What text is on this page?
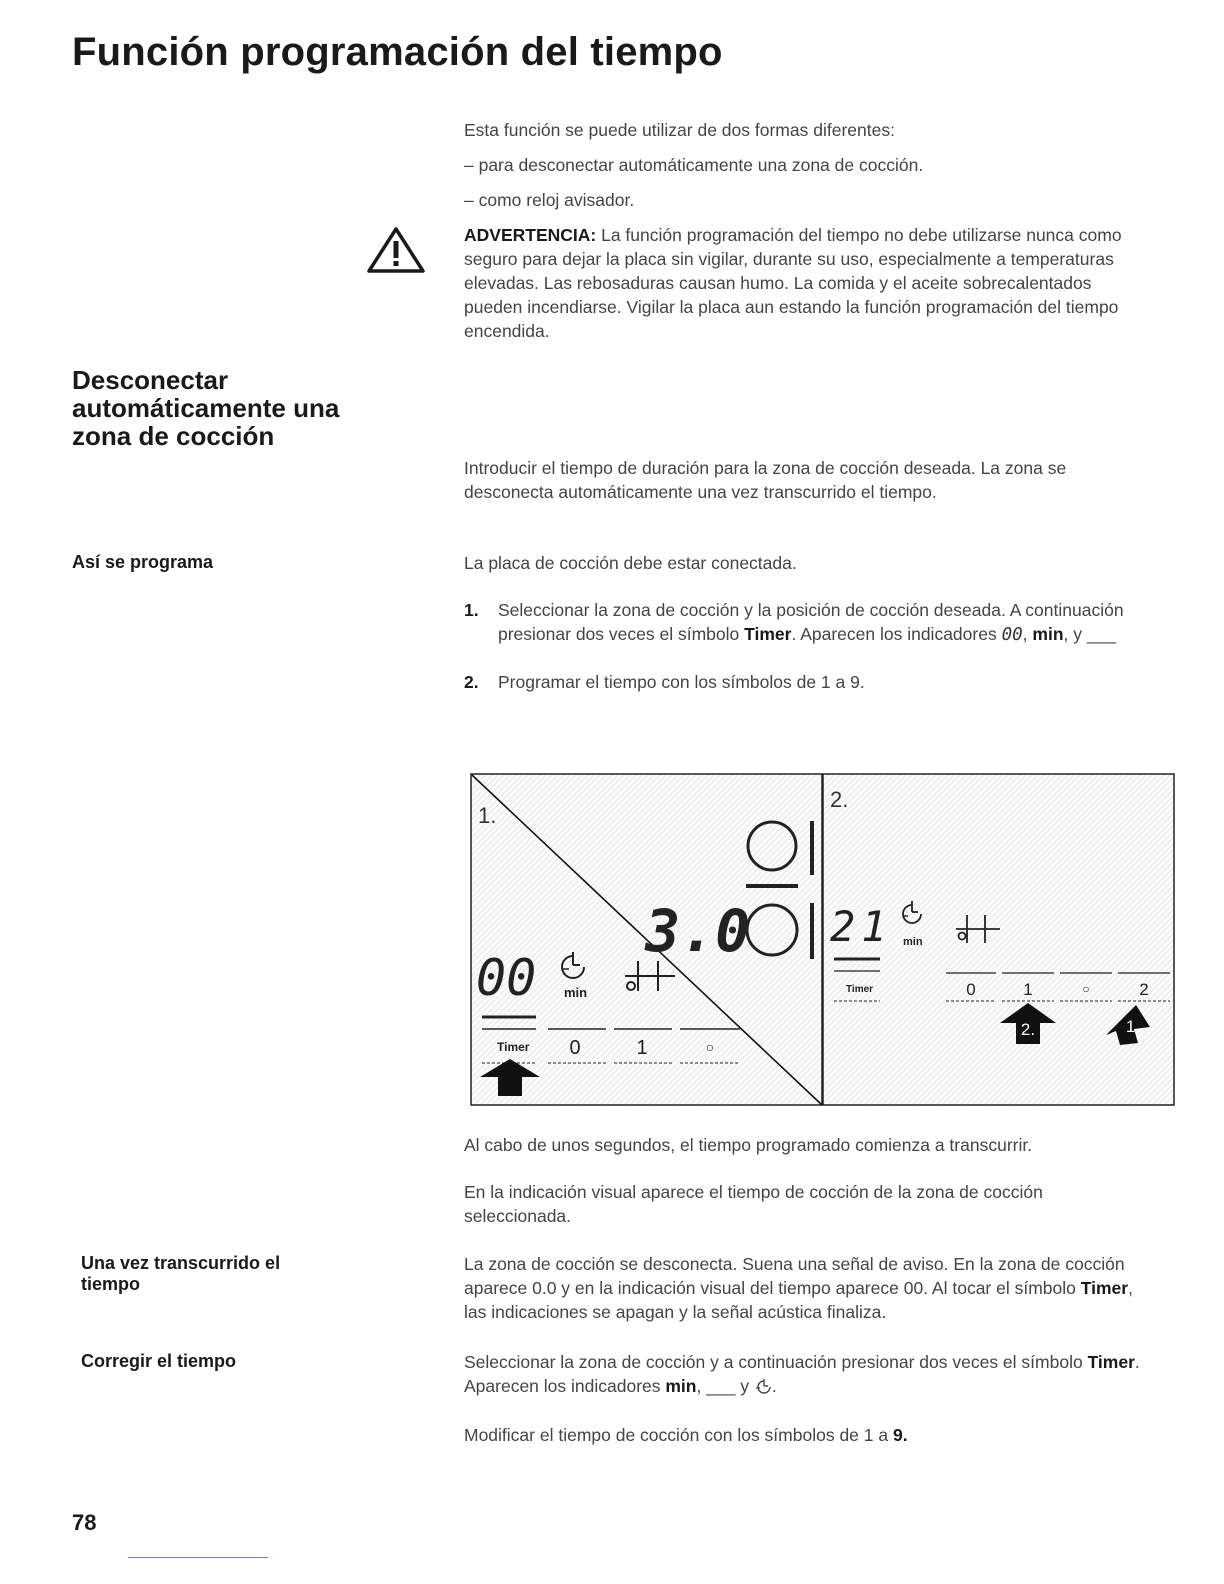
Función programación del tiempo

Esta función se puede utilizar de dos formas diferentes:

– para desconectar automáticamente una zona de cocción.

– como reloj avisador.

ADVERTENCIA: La función programación del tiempo no debe utilizarse nunca como seguro para dejar la placa sin vigilar, durante su uso, especialmente a temperaturas elevadas. Las rebosaduras causan humo. La comida y el aceite sobrecalentados pueden incendiarse. Vigilar la placa aun estando la función programación del tiempo encendida.

Desconectar automáticamente una zona de cocción

Introducir el tiempo de duración para la zona de cocción deseada. La zona se desconecta automáticamente una vez transcurrido el tiempo.

Así se programa	La placa de cocción debe estar conectada.

1.	Seleccionar la zona de cocción y la posición de cocción deseada. A continuación presionar dos veces el símbolo Timer. Aparecen los indicadores 00, min, y ___
2.	Programar el tiempo con los símbolos de 1 a 9.
1.
3.0
00 min
Timer 0	1	○
2.
21 min
Timer	0	1	○	2
2.	1.

Al cabo de unos segundos, el tiempo programado comienza a transcurrir.

En la indicación visual aparece el tiempo de cocción de la zona de cocción seleccionada.

Una vez transcurrido el tiempo

La zona de cocción se desconecta. Suena una señal de aviso. En la zona de cocción aparece 0.0 y en la indicación visual del tiempo aparece 00. Al tocar el símbolo Timer, las indicaciones se apagan y la señal acústica finaliza.

Corregir el tiempo	Seleccionar la zona de cocción y a continuación presionar dos veces el símbolo Timer. Aparecen los indicadores min, ___ y .

Modificar el tiempo de cocción con los símbolos de 1 a 9.

78
